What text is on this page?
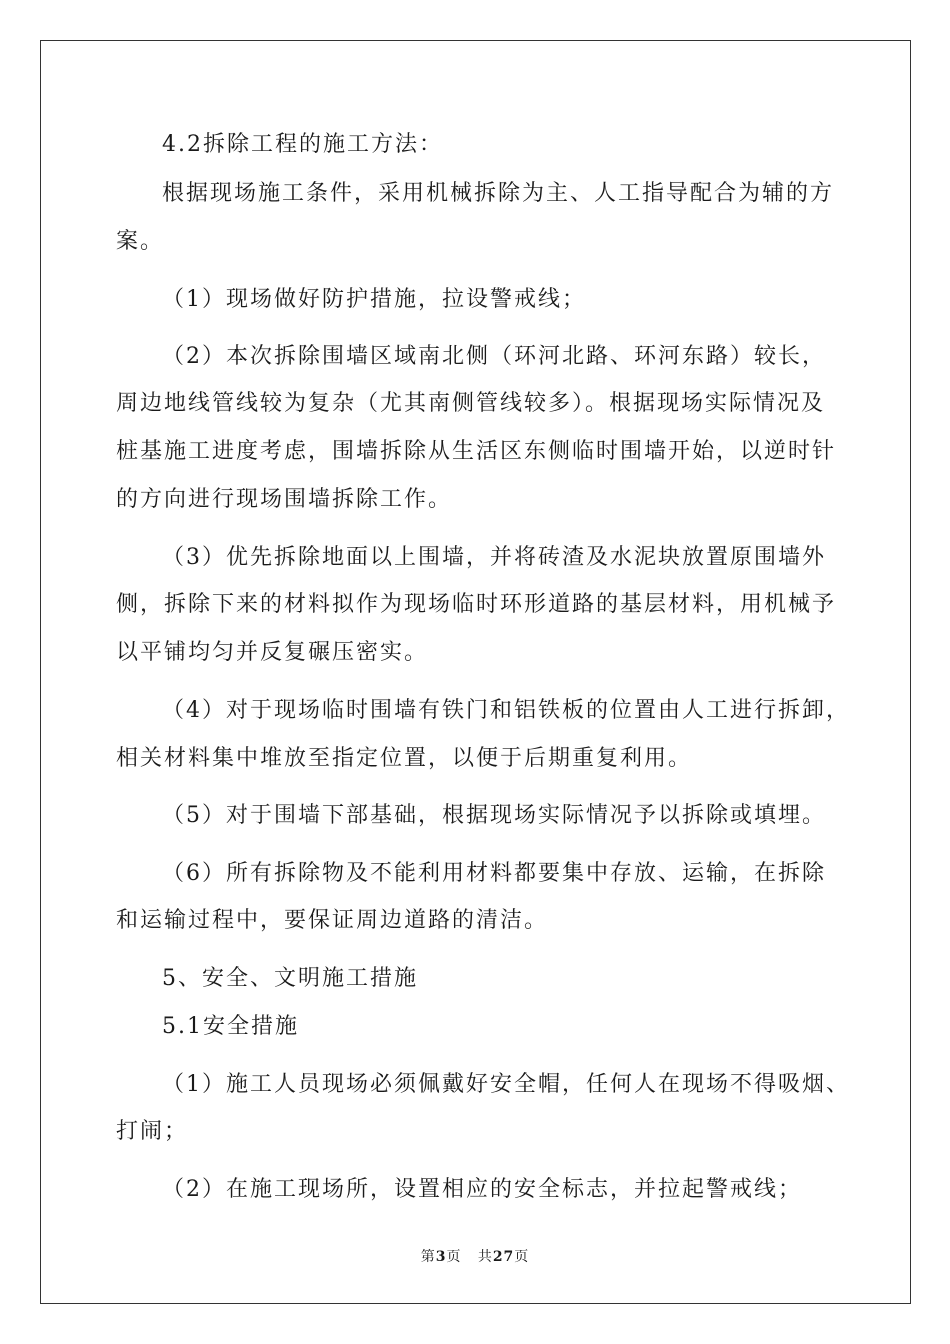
4.2拆除工程的施工方法：

根据现场施工条件，采用机械拆除为主、人工指导配合为辅的方

案。

（1）现场做好防护措施，拉设警戒线；

（2）本次拆除围墙区域南北侧（环河北路、环河东路）较长，

周边地线管线较为复杂（尤其南侧管线较多）。根据现场实际情况及

桩基施工进度考虑，围墙拆除从生活区东侧临时围墙开始，以逆时针

的方向进行现场围墙拆除工作。

（3）优先拆除地面以上围墙，并将砖渣及水泥块放置原围墙外

侧，拆除下来的材料拟作为现场临时环形道路的基层材料，用机械予

以平铺均匀并反复碾压密实。

（4）对于现场临时围墙有铁门和铝铁板的位置由人工进行拆卸，

相关材料集中堆放至指定位置，以便于后期重复利用。

（5）对于围墙下部基础，根据现场实际情况予以拆除或填埋。

（6）所有拆除物及不能利用材料都要集中存放、运输，在拆除

和运输过程中，要保证周边道路的清洁。

5、安全、文明施工措施

5.1安全措施

（1）施工人员现场必须佩戴好安全帽，任何人在现场不得吸烟、

打闹；

（2）在施工现场所，设置相应的安全标志，并拉起警戒线；

第3页 共27页
